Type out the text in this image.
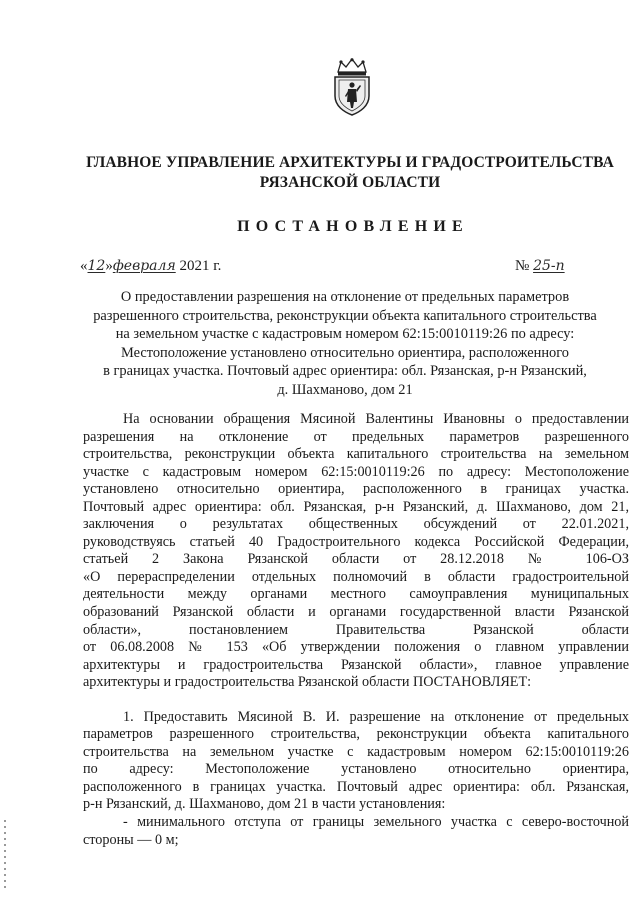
ГЛАВНОЕ УПРАВЛЕНИЕ АРХИТЕКТУРЫ И ГРАДОСТРОИТЕЛЬСТВА
РЯЗАНСКОЙ ОБЛАСТИ
ПОСТАНОВЛЕНИЕ
«12»февраля 2021 г.	№ 25-п
О предоставлении разрешения на отклонение от предельных параметров
разрешенного строительства, реконструкции объекта капитального строительства
на земельном участке с кадастровым номером 62:15:0010119:26 по адресу:
Местоположение установлено относительно ориентира, расположенного
в границах участка. Почтовый адрес ориентира: обл. Рязанская, р-н Рязанский,
д. Шахманово, дом 21
На основании обращения Мясиной Валентины Ивановны о предоставлении
разрешения на отклонение от предельных параметров разрешенного
строительства, реконструкции объекта капитального строительства на земельном
участке с кадастровым номером 62:15:0010119:26 по адресу: Местоположение
установлено относительно ориентира, расположенного в границах участка.
Почтовый адрес ориентира: обл. Рязанская, р-н Рязанский, д. Шахманово, дом 21,
заключения о результатах общественных обсуждений от 22.01.2021,
руководствуясь статьей 40 Градостроительного кодекса Российской Федерации,
статьей 2 Закона Рязанской области от 28.12.2018 № 106-ОЗ
«О перераспределении отдельных полномочий в области градостроительной
деятельности между органами местного самоуправления муниципальных
образований Рязанской области и органами государственной власти Рязанской
области», постановлением Правительства Рязанской области
от 06.08.2008 № 153 «Об утверждении положения о главном управлении
архитектуры и градостроительства Рязанской области», главное управление
архитектуры и градостроительства Рязанской области ПОСТАНОВЛЯЕТ:
1. Предоставить Мясиной В. И. разрешение на отклонение от предельных
параметров разрешенного строительства, реконструкции объекта капитального
строительства на земельном участке с кадастровым номером 62:15:0010119:26
по адресу: Местоположение установлено относительно ориентира,
расположенного в границах участка. Почтовый адрес ориентира: обл. Рязанская,
р-н Рязанский, д. Шахманово, дом 21 в части установления:
- минимального отступа от границы земельного участка с северо-восточной
стороны — 0 м;
